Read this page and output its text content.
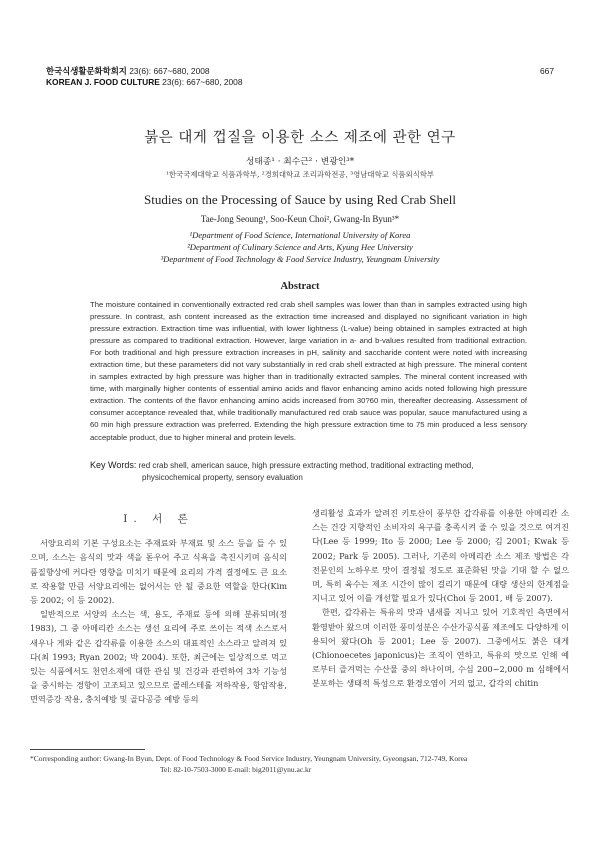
한국식생활문화학회지 23(6): 667~680, 2008
KOREAN J. FOOD CULTURE 23(6): 667~680, 2008
667
붉은 대게 껍질을 이용한 소스 제조에 관한 연구
성태종¹ · 최수근² · 변광인³*
¹한국국제대학교 식품과학부, ²경희대학교 조리과학전공, ³영남대학교 식품외식학부
Studies on the Processing of Sauce by using Red Crab Shell
Tae-Jong Seoung¹, Soo-Keun Choi², Gwang-In Byun³*
¹Department of Food Science, International University of Korea
²Department of Culinary Science and Arts, Kyung Hee University
³Department of Food Technology & Food Service Industry, Yeungnam University
Abstract
The moisture contained in conventionally extracted red crab shell samples was lower than than in samples extracted using high pressure. In contrast, ash content increased as the extraction time increased and displayed no significant variation in high pressure extraction. Extraction time was influential, with lower lightness (L-value) being obtained in samples extracted at high pressure as compared to traditional extraction. However, large variation in a- and b-values resulted from traditional extraction. For both traditional and high pressure extraction increases in pH, salinity and saccharide content were noted with increasing extraction time, but these parameters did not vary substantially in red crab shell extracted at high pressure. The mineral content in samples extracted by high pressure was higher than in traditionally extracted samples. The mineral content increased with time, with marginally higher contents of essential amino acids and flavor enhancing amino acids noted following high pressure extraction. The contents of the flavor enhancing amino acids increased from 30?60 min, thereafter decreasing. Assessment of consumer acceptance revealed that, while traditionally manufactured red crab sauce was popular, sauce manufactured using a 60 min high pressure extraction was preferred. Extending the high pressure extraction time to 75 min produced a less sensory acceptable product, due to higher mineral and protein levels.
Key Words: red crab shell, american sauce, high pressure extracting method, traditional extracting method,
physicochemical property, sensory evaluation
I. 서 론

서양요리의 기본 구성요소는 주재료와 부재료 및 소스 등을 들 수 있으며, 소스는 음식의 맛과 색을 돋우어 주고 식욕을 촉진시키며 음식의 품질향상에 커다란 영향을 미치기 때문에 요리의 가격 결정에도 큰 요소로 작용할 만큼 서양요리에는 없어서는 안 될 중요한 역할을 한다(Kim 등 2002; 이 등 2002).

일반적으로 서양의 소스는 색, 용도, 주재료 등에 의해 분류되며(정 1983), 그 중 아메리칸 소스는 생선 요리에 주로 쓰이는 적색 소스로서 새우나 게와 같은 갑각류를 이용한 소스의 대표적인 소스라고 알려져 있다(최 1993; Ryan 2002; 박 2004). 또한, 최근에는 일상적으로 먹고 있는 식품에서도 천연소재에 대한 관심 및 건강과 관련하여 3차 기능성을 중시하는 경향이 고조되고 있으므로 콜레스테롤 저하작용, 항암작용, 면역증강 작용, 충치예방 및 골다공증 예방 등의

생리활성 효과가 알려진 키토산이 풍부한 갑각류를 이용한 아메리칸 소스는 건강 지향적인 소비자의 욕구를 충족시켜 줄 수 있을 것으로 여겨진다(Lee 등 1999; Ito 등 2000; Lee 등 2000; 김 2001; Kwak 등 2002; Park 등 2005). 그러나, 기존의 아메리칸 소스 제조 방법은 각 전문인의 노하우로 맛이 결정될 정도로 표준화된 맛을 기대 할 수 없으며, 특히 육수는 제조 시간이 많이 걸리기 때문에 대량 생산의 한계점을 지니고 있어 이를 개선할 필요가 있다(Choi 등 2001, 배 등 2007).

한편, 갑각류는 특유의 맛과 냄새를 지니고 있어 기호적인 측면에서 환영받아 왔으며 이러한 풍미성분은 수산가공식품 제조에도 다양하게 이용되어 왔다(Oh 등 2001; Lee 등 2007). 그중에서도 붉은 대게(Chionoecetes japonicus)는 조직이 연하고, 특유의 맛으로 인해 예로부터 즐겨먹는 수산물 중의 하나이며, 수심 200~2,000 m 심해에서 분포하는 생태적 특성으로 환경오염이 거의 없고, 갑각의 chitin

*Corresponding author: Gwang-In Byun, Dept. of Food Technology & Food Service Industry, Yeungnam University, Gyeongsan, 712-749, Korea
Tel: 82-10-7503-3000 E-mail: big2011@ynu.ac.kr
